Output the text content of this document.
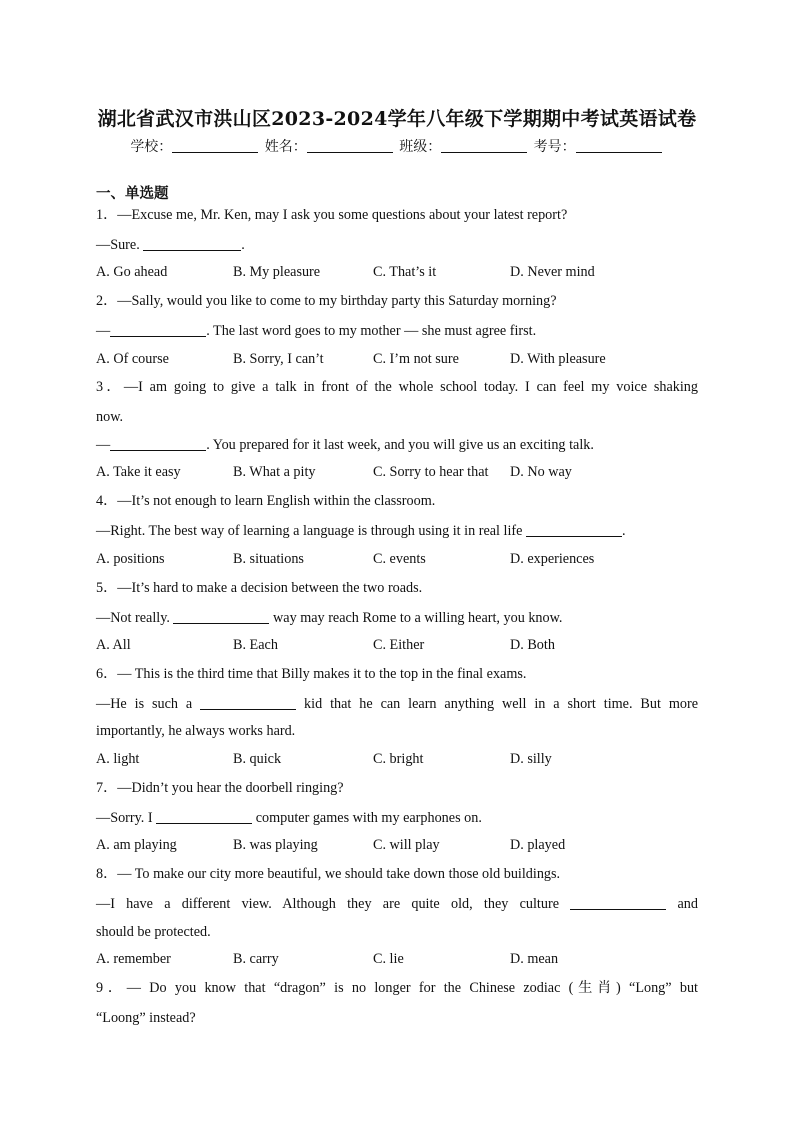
湖北省武汉市洪山区2023-2024学年八年级下学期期中考试英语试卷
学校：	姓名：	班级：	考号：
一、单选题
1．—Excuse me, Mr. Ken, may I ask you some questions about your latest report?
—Sure.	.
A. Go ahead	B. My pleasure	C. That’s it	D. Never mind
2．—Sally, would you like to come to my birthday party this Saturday morning?
—	. The last word goes to my mother — she must agree first.
A. Of course	B. Sorry, I can’t	C. I’m not sure	D. With pleasure
3．—I am going to give a talk in front of the whole school today. I can feel my voice shaking
now.
—	. You prepared for it last week, and you will give us an exciting talk.
A. Take it easy	B. What a pity	C. Sorry to hear that D. No way
4．—It’s not enough to learn English within the classroom.
—Right. The best way of learning a language is through using it in real life	.
A. positions	B. situations	C. events	D. experiences
5．—It’s hard to make a decision between the two roads.
—Not really.	way may reach Rome to a willing heart, you know.
A. All	B. Each	C. Either	D. Both
6．— This is the third time that Billy makes it to the top in the final exams.
—He is such a	kid that he can learn anything well in a short time. But more
importantly, he always works hard.
A. light	B. quick	C. bright	D. silly
7．—Didn’t you hear the doorbell ringing?
—Sorry. I	computer games with my earphones on.
A. am playing	B. was playing	C. will play	D. played
8．— To make our city more beautiful, we should take down those old buildings.
—I have a different view. Although they are quite old, they culture	and
should be protected.
A. remember	B. carry	C. lie	D. mean
9．— Do you know that “dragon” is no longer for the Chinese zodiac (生肖) “Long” but
“Loong” instead?
